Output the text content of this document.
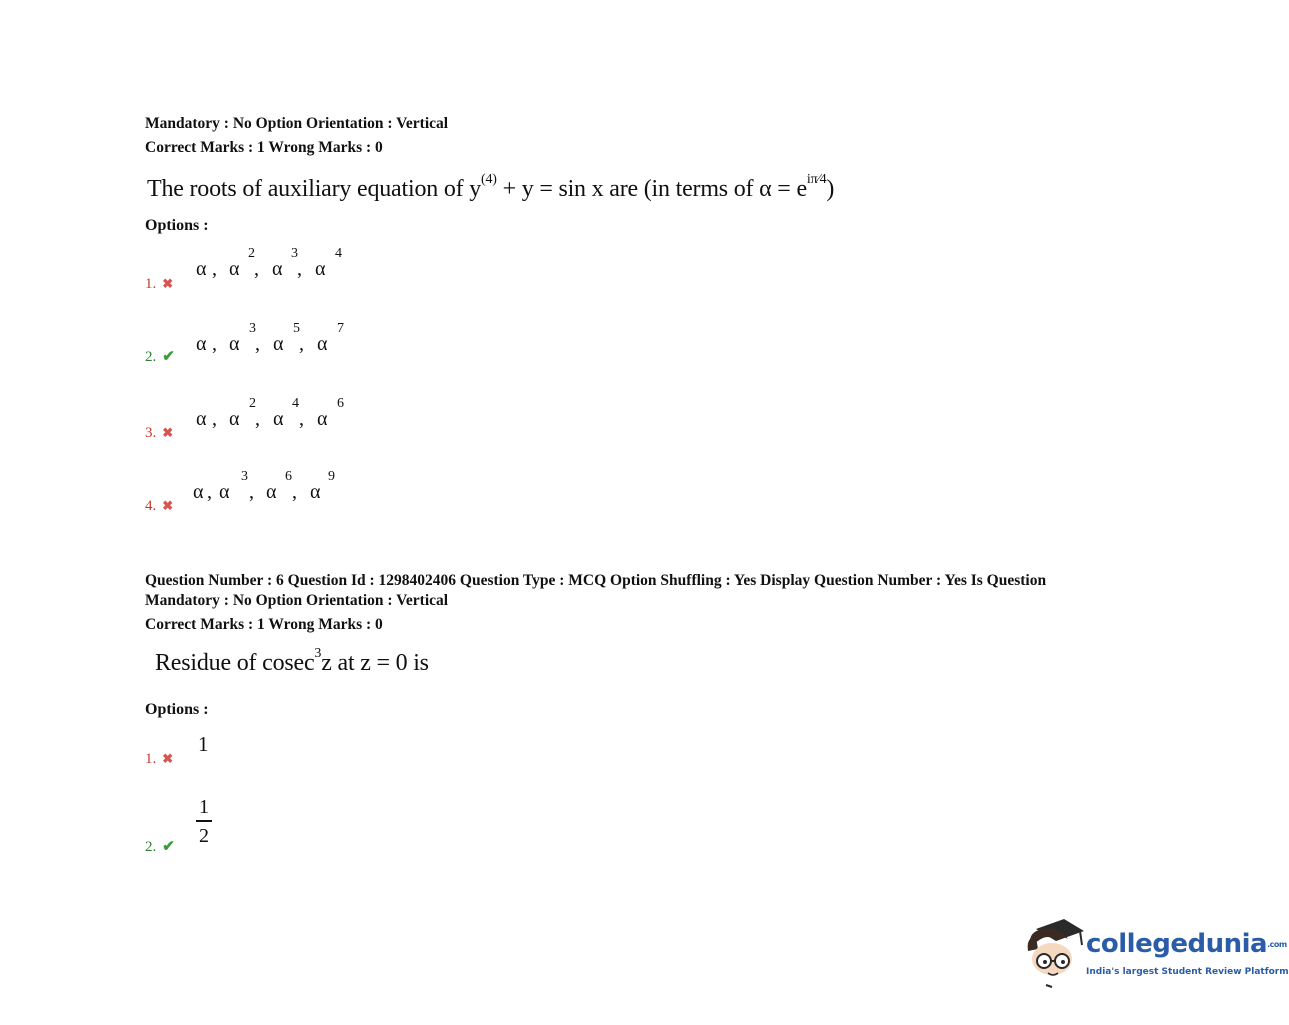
Mandatory : No Option Orientation : Vertical
Correct Marks : 1 Wrong Marks : 0
The roots of auxiliary equation of $y^{(4)} + y = \sin x$ are (in terms of $\alpha = e^{i\pi⁄4}$)
Options :
1. ✖
α , α
2
, α
3
, α
4
2. ✔
α , α
3
, α
5
, α
7
3. ✖
α , α
2
, α
4
, α
6
4. ✖
α , α
3
, α
6
, α
9
Question Number : 6 Question Id : 1298402406 Question Type : MCQ Option Shuffling : Yes Display Question Number : Yes Is Question
Mandatory : No Option Orientation : Vertical
Correct Marks : 1 Wrong Marks : 0
Residue of cosec$^3$z at z = 0 is
Options :
1. ✖
1
2. ✔
1
2
collegedunia.com
India's largest Student Review Platform
